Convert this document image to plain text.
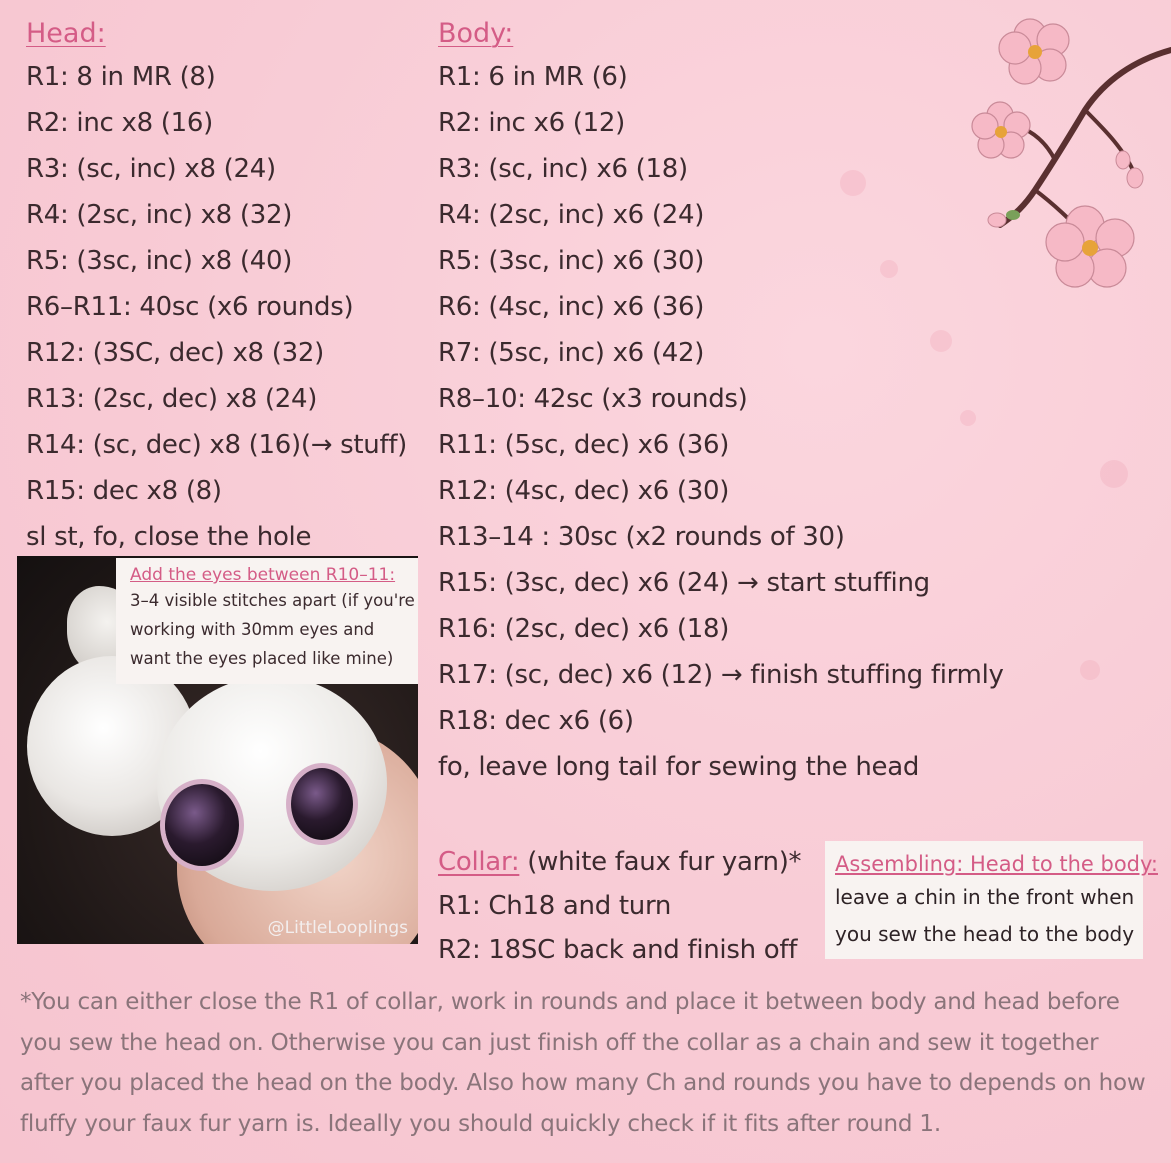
Head:
R1: 8 in MR (8)
R2: inc x8 (16)
R3: (sc, inc) x8 (24)
R4: (2sc, inc) x8 (32)
R5: (3sc, inc) x8 (40)
R6–R11: 40sc (x6 rounds)
R12: (3SC, dec) x8 (32)
R13: (2sc, dec) x8 (24)
R14: (sc, dec) x8 (16)(→ stuff)
R15: dec x8 (8)
sl st, fo, close the hole
Body:
R1: 6 in MR (6)
R2: inc x6 (12)
R3: (sc, inc) x6 (18)
R4: (2sc, inc) x6 (24)
R5: (3sc, inc) x6 (30)
R6: (4sc, inc) x6 (36)
R7: (5sc, inc) x6 (42)
R8–10: 42sc (x3 rounds)
R11: (5sc, dec) x6 (36)
R12: (4sc, dec) x6 (30)
R13–14 : 30sc (x2 rounds of 30)
R15: (3sc, dec) x6 (24) → start stuffing
R16: (2sc, dec) x6 (18)
R17: (sc, dec) x6 (12) → finish stuffing firmly
R18: dec x6 (6)
fo, leave long tail for sewing the head
@LittleLooplings
Add the eyes between R10–11:
3–4 visible stitches apart (if you're
working with 30mm eyes and
want the eyes placed like mine)
Collar: (white faux fur yarn)*
R1: Ch18 and turn
R2: 18SC back and finish off
Assembling: Head to the body:
leave a chin in the front when
you sew the head to the body
*You can either close the R1 of collar, work in rounds and place it between body and head before you sew the head on. Otherwise you can just finish off the collar as a chain and sew it together after you placed the head on the body. Also how many Ch and rounds you have to depends on how fluffy your faux fur yarn is. Ideally you should quickly check if it fits after round 1.
